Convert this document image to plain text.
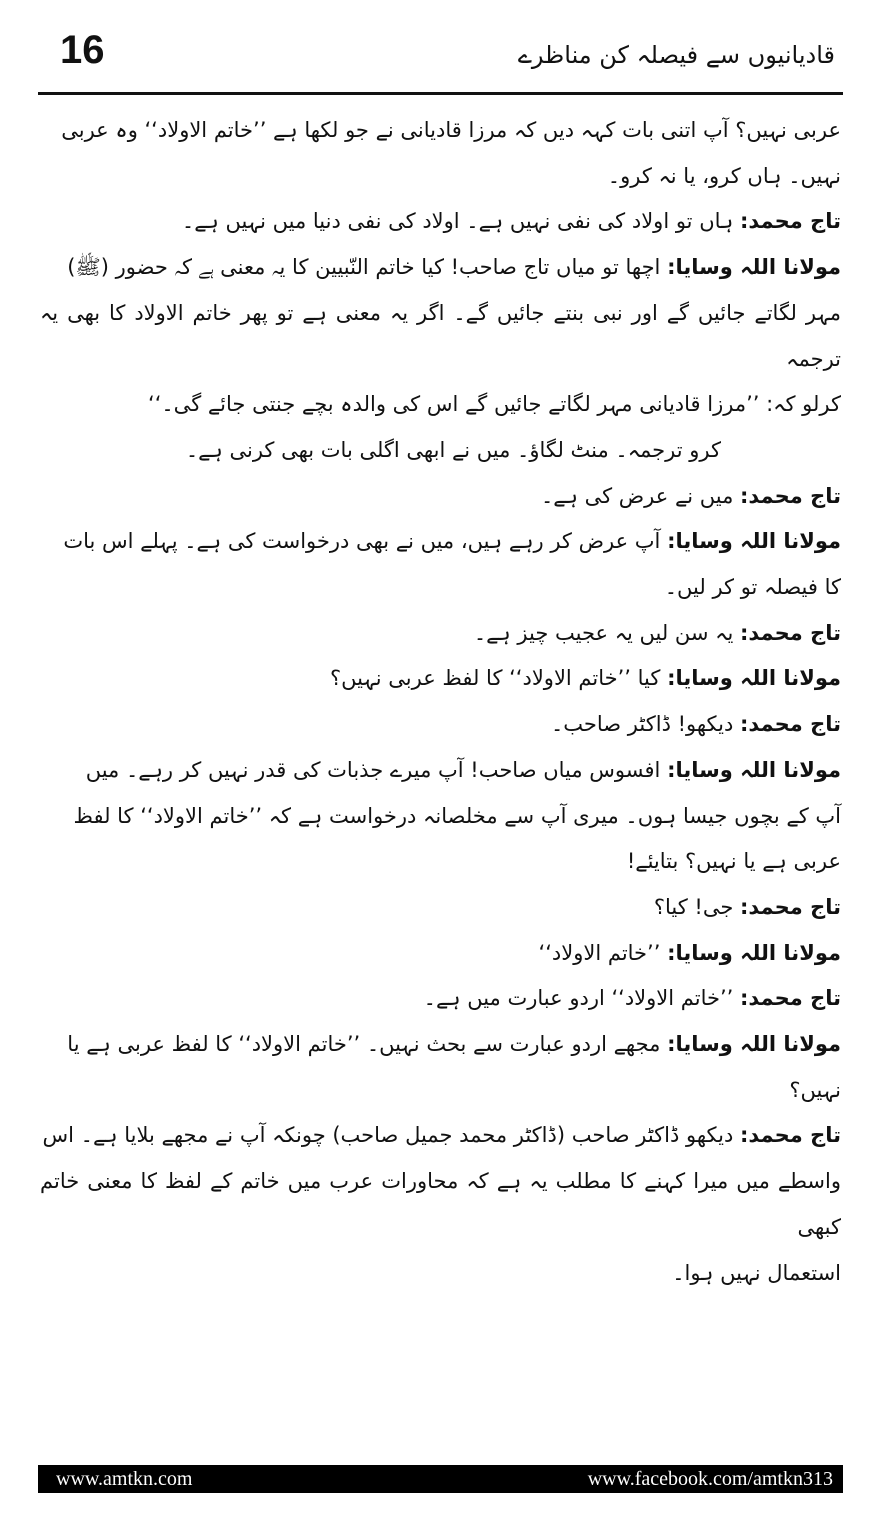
16	قادیانیوں سے فیصلہ کن مناظرے

عربی نہیں؟ آپ اتنی بات کہہ دیں کہ مرزا قادیانی نے جو لکھا ہے ’’خاتم الاولاد‘‘ وہ عربی

نہیں۔ ہاں کرو، یا نہ کرو۔

تاج محمد: ہاں تو اولاد کی نفی نہیں ہے۔ اولاد کی نفی دنیا میں نہیں ہے۔

مولانا اللہ وسایا: اچھا تو میاں تاج صاحب! کیا خاتم النّبیین کا یہ معنی ہے کہ حضور (ﷺ)

مہر لگاتے جائیں گے اور نبی بنتے جائیں گے۔ اگر یہ معنی ہے تو پھر خاتم الاولاد کا بھی یہ ترجمہ

کرلو کہ: ’’مرزا قادیانی مہر لگاتے جائیں گے اس کی والدہ بچے جنتی جائے گی۔‘‘

کرو ترجمہ۔ منٹ لگاؤ۔ میں نے ابھی اگلی بات بھی کرنی ہے۔

تاج محمد: میں نے عرض کی ہے۔

مولانا اللہ وسایا: آپ عرض کر رہے ہیں، میں نے بھی درخواست کی ہے۔ پہلے اس بات

کا فیصلہ تو کر لیں۔

تاج محمد: یہ سن لیں یہ عجیب چیز ہے۔

مولانا اللہ وسایا: کیا ’’خاتم الاولاد‘‘ کا لفظ عربی نہیں؟

تاج محمد: دیکھو! ڈاکٹر صاحب۔

مولانا اللہ وسایا: افسوس میاں صاحب! آپ میرے جذبات کی قدر نہیں کر رہے۔ میں

آپ کے بچوں جیسا ہوں۔ میری آپ سے مخلصانہ درخواست ہے کہ ’’خاتم الاولاد‘‘ کا لفظ

عربی ہے یا نہیں؟ بتایئے!

تاج محمد: جی! کیا؟

مولانا اللہ وسایا: ’’خاتم الاولاد‘‘

تاج محمد: ’’خاتم الاولاد‘‘ اردو عبارت میں ہے۔

مولانا اللہ وسایا: مجھے اردو عبارت سے بحث نہیں۔ ’’خاتم الاولاد‘‘ کا لفظ عربی ہے یا

نہیں؟

تاج محمد: دیکھو ڈاکٹر صاحب (ڈاکٹر محمد جمیل صاحب) چونکہ آپ نے مجھے بلایا ہے۔ اس

واسطے میں میرا کہنے کا مطلب یہ ہے کہ محاورات عرب میں خاتم کے لفظ کا معنی خاتم کبھی

استعمال نہیں ہوا۔

www.amtkn.com	www.facebook.com/amtkn313
